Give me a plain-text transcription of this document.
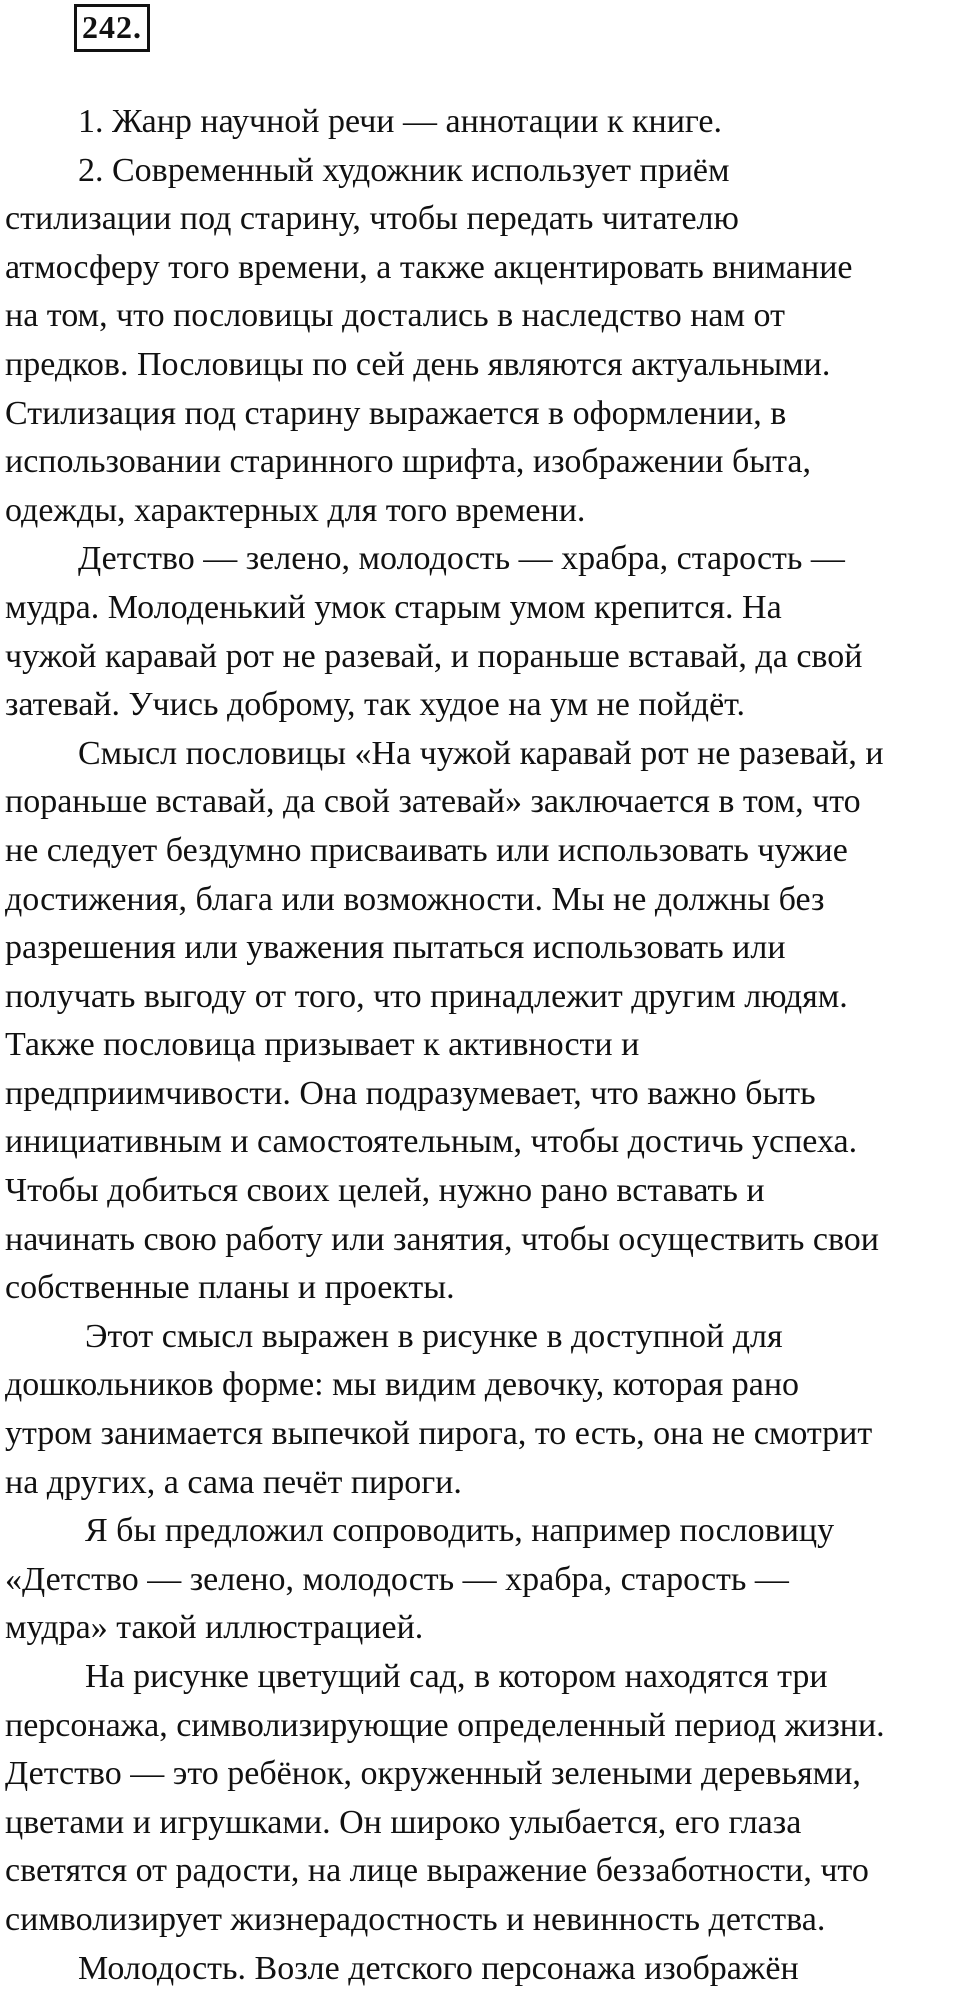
242.
1. Жанр научной речи — аннотации к книге.
2. Современный художник использует приём
стилизации под старину, чтобы передать читателю
атмосферу того времени, а также акцентировать внимание
на том, что пословицы достались в наследство нам от
предков. Пословицы по сей день являются актуальными.
Стилизация под старину выражается в оформлении, в
использовании старинного шрифта, изображении быта,
одежды, характерных для того времени.
Детство — зелено, молодость — храбра, старость —
мудра. Молоденький умок старым умом крепится. На
чужой каравай рот не разевай, и пораньше вставай, да свой
затевай. Учись доброму, так худое на ум не пойдёт.
Смысл пословицы «На чужой каравай рот не разевай, и
пораньше вставай, да свой затевай» заключается в том, что
не следует бездумно присваивать или использовать чужие
достижения, блага или возможности. Мы не должны без
разрешения или уважения пытаться использовать или
получать выгоду от того, что принадлежит другим людям.
Также пословица призывает к активности и
предприимчивости. Она подразумевает, что важно быть
инициативным и самостоятельным, чтобы достичь успеха.
Чтобы добиться своих целей, нужно рано вставать и
начинать свою работу или занятия, чтобы осуществить свои
собственные планы и проекты.
Этот смысл выражен в рисунке в доступной для
дошкольников форме: мы видим девочку, которая рано
утром занимается выпечкой пирога, то есть, она не смотрит
на других, а сама печёт пироги.
Я бы предложил сопроводить, например пословицу
«Детство — зелено, молодость — храбра, старость —
мудра» такой иллюстрацией.
На рисунке цветущий сад, в котором находятся три
персонажа, символизирующие определенный период жизни.
Детство — это ребёнок, окруженный зелеными деревьями,
цветами и игрушками. Он широко улыбается, его глаза
светятся от радости, на лице выражение беззаботности, что
символизирует жизнерадостность и невинность детства.
Молодость. Возле детского персонажа изображён
